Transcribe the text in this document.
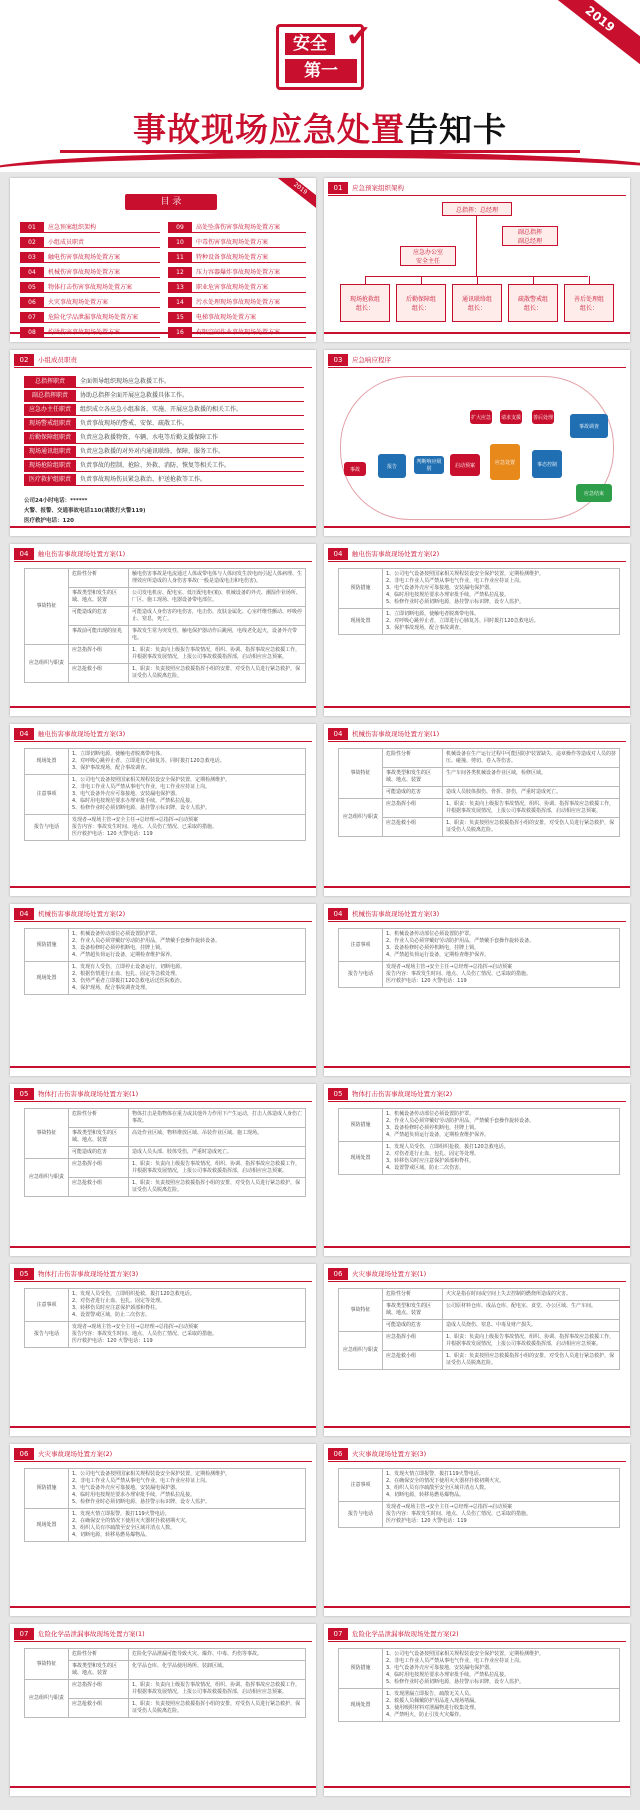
2019
安全
第一
✔
事故现场应急处置告知卡
2019
目 录
01 应急预案组织架构
02 小组成员职责
03 触电伤害事故现场处置方案
04 机械伤害事故现场处置方案
05 物体打击伤害事故现场处置方案
06 火灾事故现场处置方案
07 危险化学品泄漏事故现场处置方案
08 灼烫伤害事故现场处置方案
09 高处坠落伤害事故现场处置方案
10 中毒伤害事故现场处置方案
11 特种设备事故现场处置方案
12 压力容器爆炸事故现场处置方案
13 职业危害事故现场处置方案
14 污水处理现场事故现场处置方案
15 电梯事故现场处置方案
16 有限空间作业事故现场处置方案
01	应急预案组织架构
总指挥：总经理
副总指挥
副总经理
应急办公室
安全主任
现场抢救组
组长：
后勤保障组
组长：
通讯联络组
组长：
疏散警戒组
组长：
善后处理组
组长：
02	小组成员职责
公司24小时电话：******
火警、报警、交通事故电话110(请拨打火警119)
医疗救护电话：120
总指挥职责	全面领导组织现场应急救援工作。
副总指挥职责 协助总指挥全面开展应急救援具体工作。
应急办主任职责 组织成立各应急小组准备、实施、开展应急救援的相关工作。
现场警戒组职责 负责事故现场的警戒、安保、疏散工作。
后勤保障组职责 负责应急救援物资、车辆、水电等后勤支援保障工作
现场通讯组职责 负责应急救援的对外对内通讯联络、保障、服务工作。
现场抢险组职责 负责事故的控制、抢险、外救、消防、恢复等相关工作。
医疗救护组职责 负责事故现场伤员紧急救治、护送抢救等工作。
03	应急响应程序
事故	报告
判断响应级别
启动预案	应急处置	事态控制
应急结束
扩大应急 请求支援 善后处理
事故调查
04	触电伤害事故现场处置方案(1)
事故特征	危险性分析	触电伤害事故是电流通过人体或带电体与人体间发生放电而引起人体病理、生理效应所造成的人身伤害事故(一般是造成电击和电伤害)。
	事故类型和发生的区域、地点、装置	公司发电机房、配电室、低压配电柜(箱)、机械设备的外壳、潮湿作业场所、厂区、施工现场、电器设备带电部位。
	可能造成的危害	可能造成人身伤害的电伤害，电击伤、皮肤金属化、心室纤维性颤动、呼吸停止、窒息，死亡。
	事故前可能出现的征兆	事故发生常为突发性，触电保护器动作后跳闸，电线老化起火，设备外壳带电。
应急组织与职责	应急指挥小组	1、职责：负责向上级报告事故情况，组织、协调、指挥事故应急救援工作，并根据事故发展情况，上报公司事故救援指挥部，启动相应应急预案。
	应急抢救小组	1、职责：负责按照应急救援指挥小组的安排，对受伤人员进行紧急救护，保证受伤人员脱离危险。
04	触电伤害事故现场处置方案(2)
预防措施	1、公司电气设备按照国家相关规程装设安全保护装置，定期检测维护。
2、非电工作业人员严禁从事电气作业，电工作业应持证上岗。
3、电气设备外壳应可靠接地，安装漏电保护器。
4、临时用电按规范要求办理审批手续，严禁私拉乱接。
5、检修作业时必须切断电源，悬挂警示标识牌，设专人监护。
现场处置	1、立即切断电源，使触电者脱离带电体。
2、对呼吸心跳停止者，立即进行心肺复苏，同时拨打120急救电话。
3、保护事故现场，配合事故调查。
04	触电伤害事故现场处置方案(3)
现场处置	1、立即切断电源，使触电者脱离带电体。
2、对呼吸心跳停止者，立即进行心肺复苏，同时拨打120急救电话。
3、保护事故现场，配合事故调查。
注意事项	1、公司电气设备按照国家相关规程装设安全保护装置，定期检测维护。
2、非电工作业人员严禁从事电气作业，电工作业应持证上岗。
3、电气设备外壳应可靠接地，安装漏电保护器。
4、临时用电按规范要求办理审批手续，严禁私拉乱接。
5、检修作业时必须切断电源，悬挂警示标识牌，设专人监护。
报告与电话	发现者→现场主管→安全主任→总经理→总指挥→启动预案
报告内容：事故发生时间、地点、人员伤亡情况、已采取的措施。
医疗救护电话：120 火警电话：119
04	机械伤害事故现场处置方案(1)
事故特征	危险性分析	机械设备在生产运行过程中可能因防护装置缺失、违章操作等造成对人员的挤压、碰撞、剪切、卷入等伤害。
	事故类型和发生的区域、地点、装置	生产车间各类机械设备作业区域，检修区域。
	可能造成的危害	造成人员肢体损伤、骨折、挤伤，严重时造成死亡。
应急组织与职责	应急指挥小组	1、职责：负责向上级报告事故情况，组织、协调、指挥事故应急救援工作，并根据事故发展情况，上报公司事故救援指挥部，启动相应应急预案。
	应急抢救小组	1、职责：负责按照应急救援指挥小组的安排，对受伤人员进行紧急救护，保证受伤人员脱离危险。
04	机械伤害事故现场处置方案(2)
预防措施	1、机械设备传动部位必须设置防护罩。
2、作业人员必须穿戴好劳动防护用品，严禁戴手套操作旋转设备。
3、设备检修时必须停机断电，挂牌上锁。
4、严禁超负荷运行设备，定期检查维护保养。
现场处置	1、发现有人受伤，立即停止设备运行，切断电源。
2、根据伤情进行止血、包扎、固定等急救处理。
3、伤势严重者立即拨打120急救电话送医院救治。
4、保护现场，配合事故调查处理。
04	机械伤害事故现场处置方案(3)
注意事项	1、机械设备传动部位必须设置防护罩。
2、作业人员必须穿戴好劳动防护用品，严禁戴手套操作旋转设备。
3、设备检修时必须停机断电，挂牌上锁。
4、严禁超负荷运行设备，定期检查维护保养。
报告与电话	发现者→现场主管→安全主任→总经理→总指挥→启动预案
报告内容：事故发生时间、地点、人员伤亡情况、已采取的措施。
医疗救护电话：120 火警电话：119
05	物体打击伤害事故现场处置方案(1)
事故特征	危险性分析	物体打击是指物体在重力或其他外力作用下产生运动，打击人体造成人身伤亡事故。
	事故类型和发生的区域、地点、装置	高处作业区域、物料堆放区域、吊装作业区域、施工现场。
	可能造成的危害	造成人员头部、肢体受伤，严重时造成死亡。
应急组织与职责	应急指挥小组	1、职责：负责向上级报告事故情况，组织、协调、指挥事故应急救援工作，并根据事故发展情况，上报公司事故救援指挥部，启动相应应急预案。
	应急抢救小组	1、职责：负责按照应急救援指挥小组的安排，对受伤人员进行紧急救护，保证受伤人员脱离危险。
05	物体打击伤害事故现场处置方案(2)
预防措施	1、机械设备传动部位必须设置防护罩。
2、作业人员必须穿戴好劳动防护用品，严禁戴手套操作旋转设备。
3、设备检修时必须停机断电，挂牌上锁。
4、严禁超负荷运行设备，定期检查维护保养。
现场处置	1、发现人员受伤，立即组织抢救，拨打120急救电话。
2、对伤者进行止血、包扎、固定等处理。
3、转移伤员时应注意保护颈部和脊柱。
4、设置警戒区域，防止二次伤害。
05	物体打击伤害事故现场处置方案(3)
注意事项	1、发现人员受伤，立即组织抢救，拨打120急救电话。
2、对伤者进行止血、包扎、固定等处理。
3、转移伤员时应注意保护颈部和脊柱。
4、设置警戒区域，防止二次伤害。
报告与电话	发现者→现场主管→安全主任→总经理→总指挥→启动预案
报告内容：事故发生时间、地点、人员伤亡情况、已采取的措施。
医疗救护电话：120 火警电话：119
06	火灾事故现场处置方案(1)
事故特征	危险性分析	火灾是指在时间或空间上失去控制的燃烧所造成的灾害。
	事故类型和发生的区域、地点、装置	公司原材料仓库、成品仓库、配电室、食堂、办公区域、生产车间。
	可能造成的危害	造成人员烧伤、窒息、中毒及财产损失。
应急组织与职责	应急指挥小组	1、职责：负责向上级报告事故情况，组织、协调、指挥事故应急救援工作，并根据事故发展情况，上报公司事故救援指挥部，启动相应应急预案。
	应急抢救小组	1、职责：负责按照应急救援指挥小组的安排，对受伤人员进行紧急救护，保证受伤人员脱离危险。
06	火灾事故现场处置方案(2)
预防措施	1、公司电气设备按照国家相关规程装设安全保护装置，定期检测维护。
2、非电工作业人员严禁从事电气作业，电工作业应持证上岗。
3、电气设备外壳应可靠接地，安装漏电保护器。
4、临时用电按规范要求办理审批手续，严禁私拉乱接。
5、检修作业时必须切断电源，悬挂警示标识牌，设专人监护。
现场处置	1、发现火情立即报警，拨打119火警电话。
2、在确保安全的情况下使用灭火器材扑救初期火灾。
3、组织人员有序疏散至安全区域并清点人数。
4、切断电源，转移易燃易爆物品。
06	火灾事故现场处置方案(3)
注意事项	1、发现火情立即报警，拨打119火警电话。
2、在确保安全的情况下使用灭火器材扑救初期火灾。
3、组织人员有序疏散至安全区域并清点人数。
4、切断电源，转移易燃易爆物品。
报告与电话	发现者→现场主管→安全主任→总经理→总指挥→启动预案
报告内容：事故发生时间、地点、人员伤亡情况、已采取的措施。
医疗救护电话：120 火警电话：119
07	危险化学品泄漏事故现场处置方案(1)
事故特征	危险性分析	危险化学品泄漏可能导致火灾、爆炸、中毒、灼伤等事故。
	事故类型和发生的区域、地点、装置	化学品仓库、化学品使用场所、装卸区域。
应急组织与职责	应急指挥小组	1、职责：负责向上级报告事故情况，组织、协调、指挥事故应急救援工作，并根据事故发展情况，上报公司事故救援指挥部，启动相应应急预案。
	应急抢救小组	1、职责：负责按照应急救援指挥小组的安排，对受伤人员进行紧急救护，保证受伤人员脱离危险。
07	危险化学品泄漏事故现场处置方案(2)
预防措施	1、公司电气设备按照国家相关规程装设安全保护装置，定期检测维护。
2、非电工作业人员严禁从事电气作业，电工作业应持证上岗。
3、电气设备外壳应可靠接地，安装漏电保护器。
4、临时用电按规范要求办理审批手续，严禁私拉乱接。
5、检修作业时必须切断电源，悬挂警示标识牌，设专人监护。
现场处置	1、发现泄漏立即报告，疏散无关人员。
2、救援人员佩戴防护用品进入现场堵漏。
3、使用吸附材料对泄漏物进行收集处理。
4、严禁明火，防止引发火灾爆炸。
